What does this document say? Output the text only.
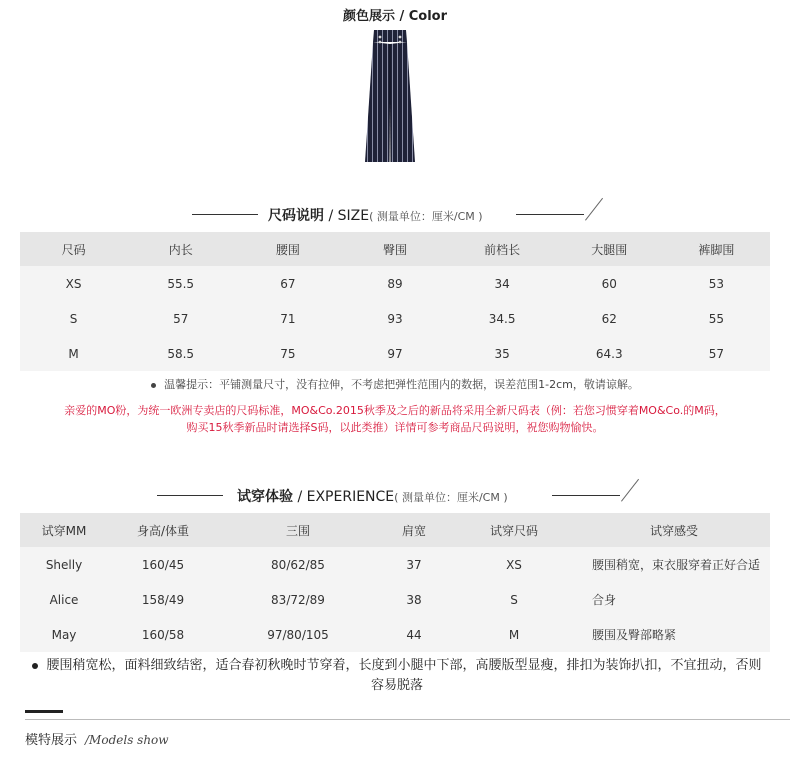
颜色展示 / Color
尺码说明 / SIZE( 测量单位：厘米/CM )
尺码	内长	腰围	臀围	前档长	大腿围	裤脚围
XS	55.5	67	89	34	60	53
S	57	71	93	34.5	62	55
M	58.5	75	97	35	64.3	57
温馨提示：平铺测量尺寸，没有拉伸，不考虑把弹性范围内的数据，误差范围1-2cm，敬请谅解。
亲爱的MO粉，为统一欧洲专卖店的尺码标准，MO&Co.2015秋季及之后的新品将采用全新尺码表（例：若您习惯穿着MO&Co.的M码，
购买15秋季新品时请选择S码，以此类推）详情可参考商品尺码说明，祝您购物愉快。
试穿体验 / EXPERIENCE( 测量单位：厘米/CM )
试穿MM	身高/体重	三围	肩宽	试穿尺码	试穿感受
Shelly	160/45	80/62/85	37	XS	腰围稍宽，束衣服穿着正好合适
Alice	158/49	83/72/89	38	S	合身
May	160/58	97/80/105	44	M	腰围及臀部略紧
腰围稍宽松，面料细致结密，适合春初秋晚时节穿着，长度到小腿中下部，高腰版型显瘦，排扣为装饰扒扣，不宜扭动，否则
容易脱落
模特展示 /Models show
